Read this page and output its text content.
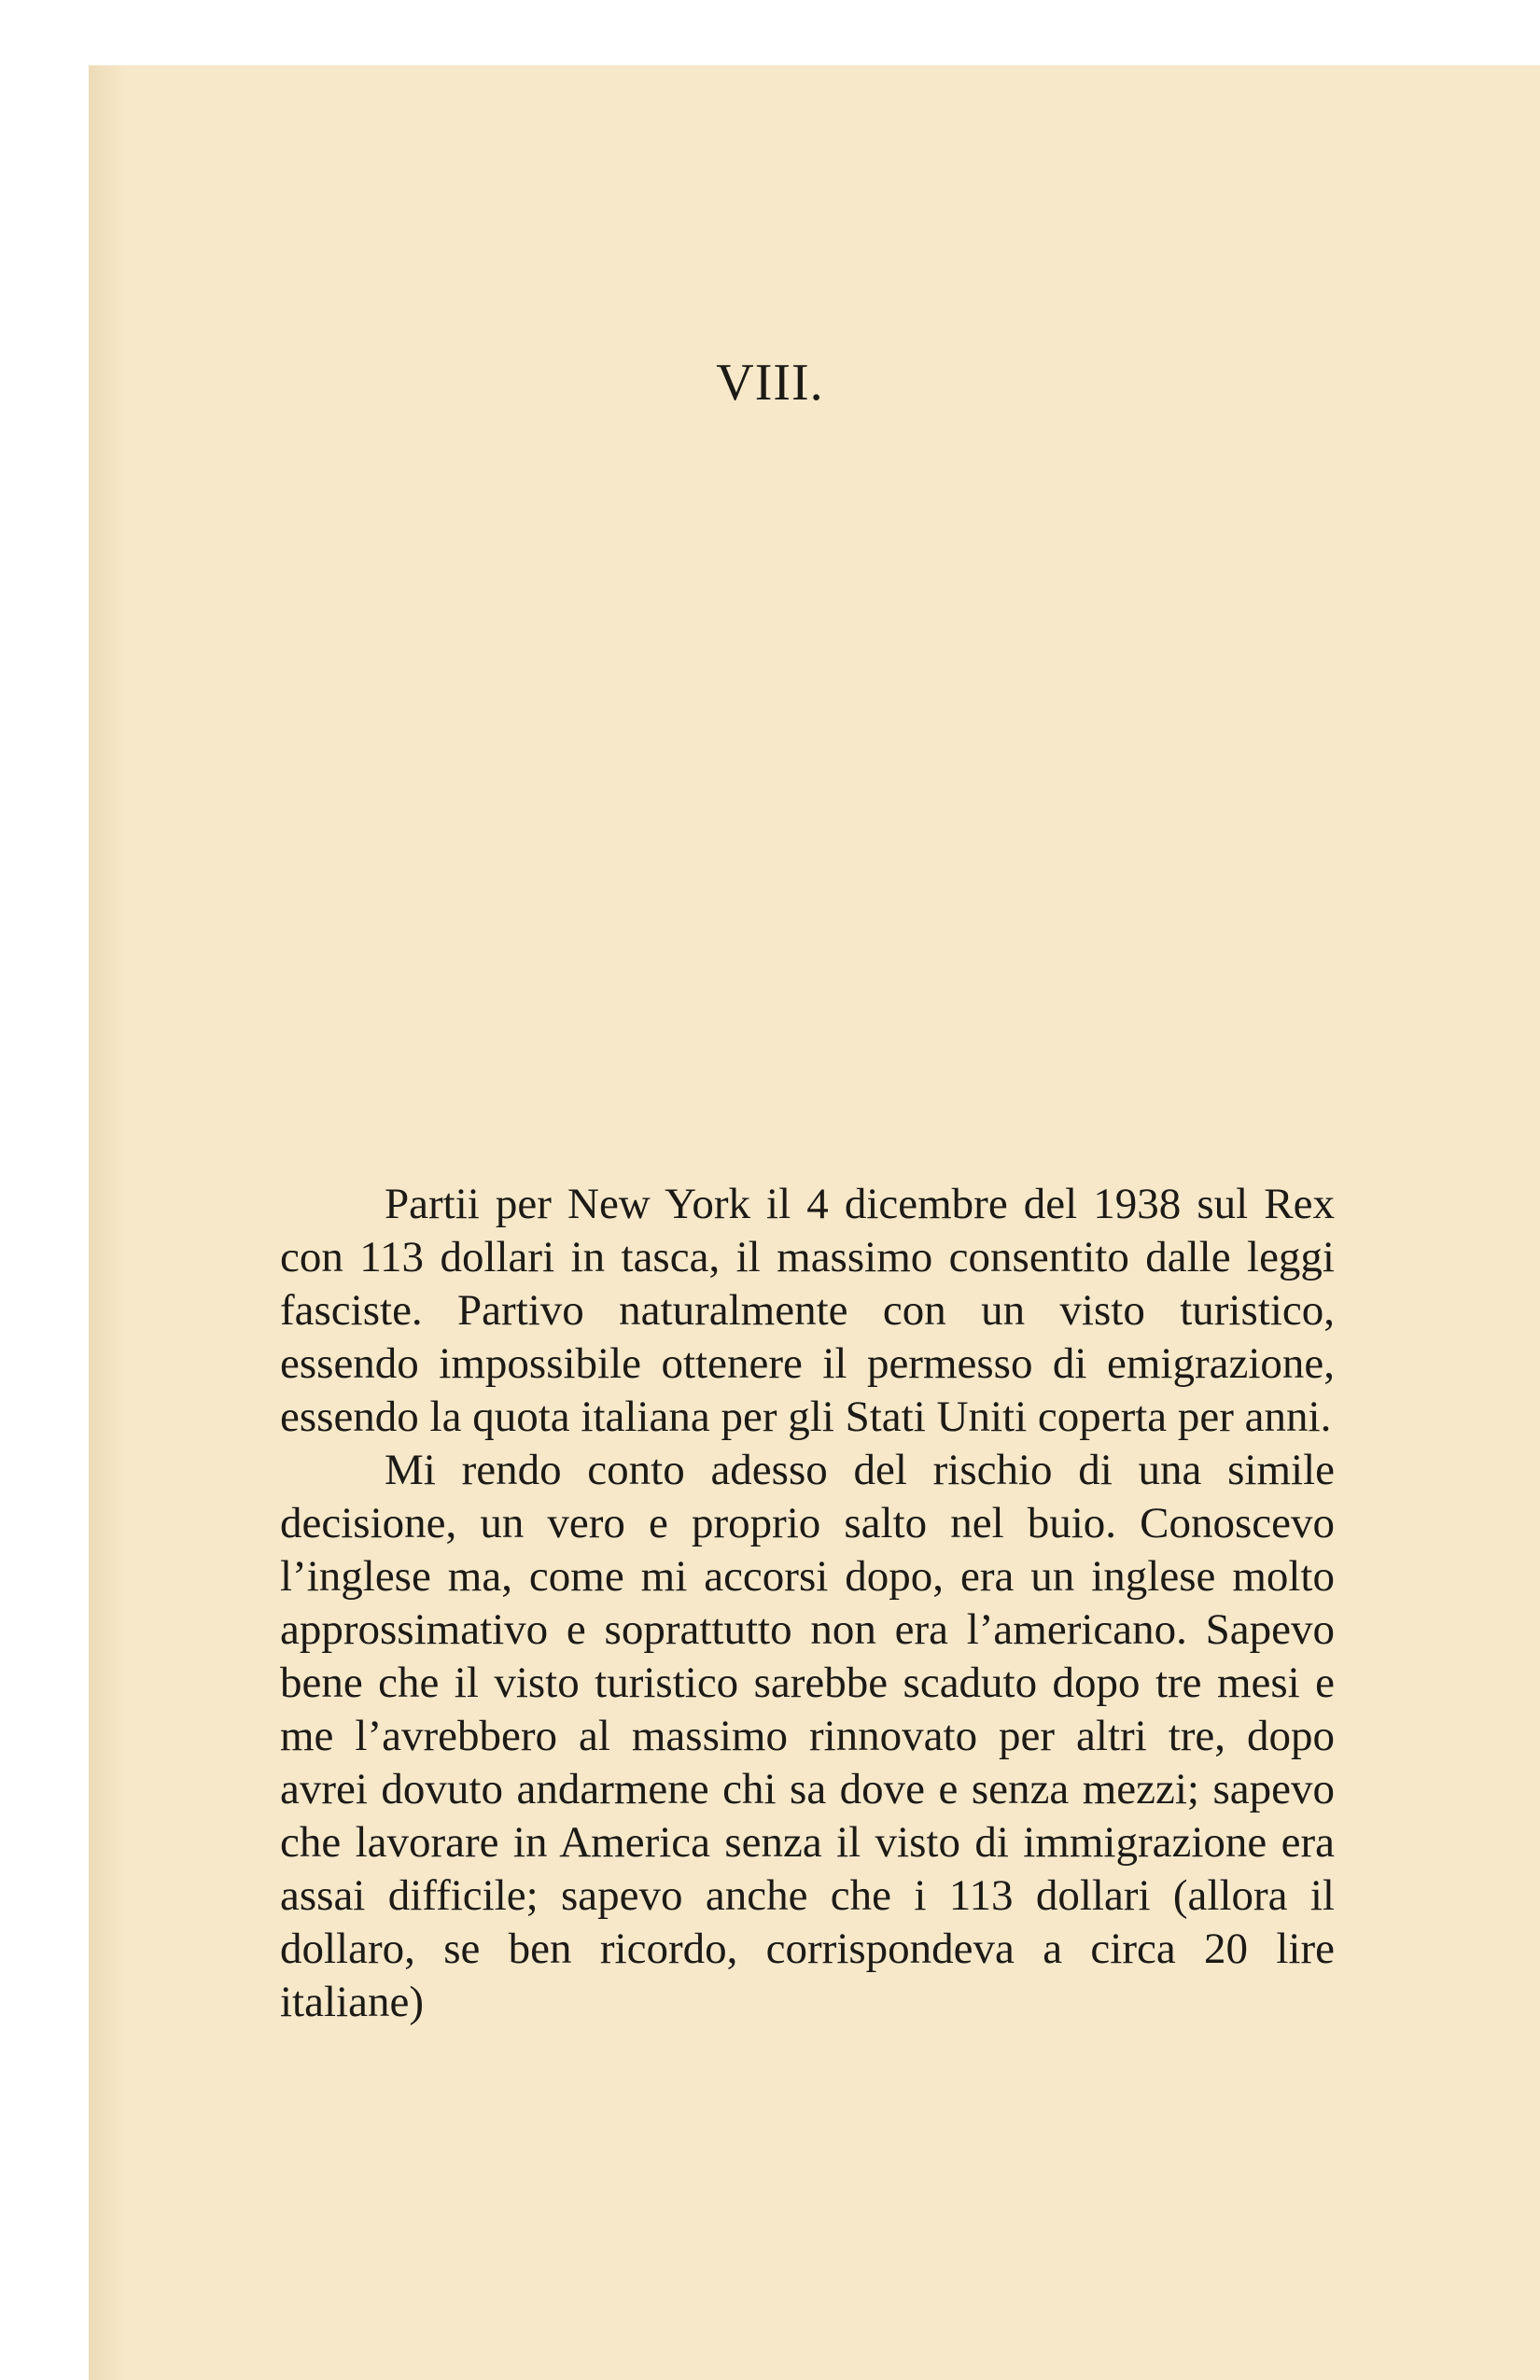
VIII.

Partii per New York il 4 dicembre del 1938 sul Rex con 113 dollari in tasca, il massimo consentito dalle leggi fasciste. Partivo naturalmente con un visto turistico, essendo impossibile ottenere il permesso di emigrazione, essendo la quota italiana per gli Stati Uniti coperta per anni.

Mi rendo conto adesso del rischio di una simile decisione, un vero e proprio salto nel buio. Conoscevo l’inglese ma, come mi accorsi dopo, era un inglese molto approssimativo e soprattutto non era l’americano. Sapevo bene che il visto turistico sarebbe scaduto dopo tre mesi e me l’avrebbero al massimo rinnovato per altri tre, dopo avrei dovuto andarmene chi sa dove e senza mezzi; sapevo che lavorare in America senza il visto di immigrazione era assai difficile; sapevo anche che i 113 dollari (allora il dollaro, se ben ricordo, corrispondeva a circa 20 lire italiane)
